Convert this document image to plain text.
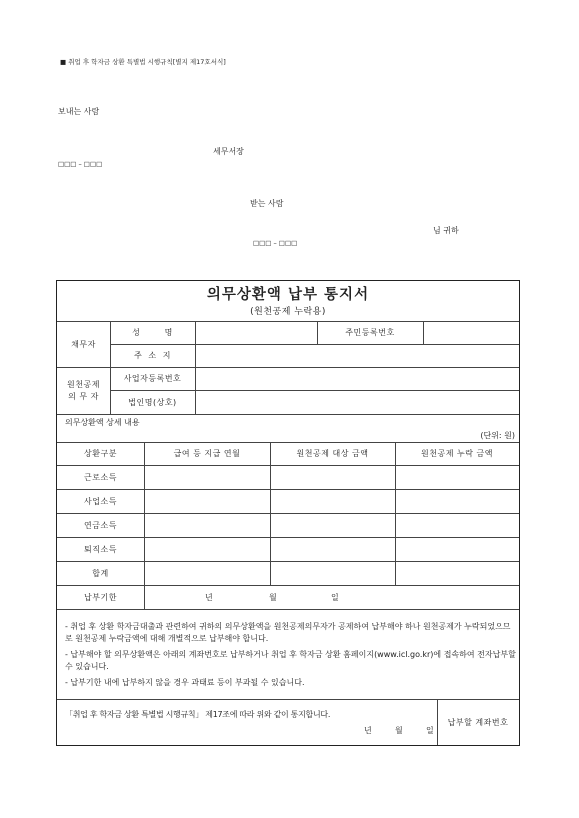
■ 취업 후 학자금 상환 특별법 시행규칙[별지 제17호서식]
보내는 사람
세무서장
□□□ – □□□
받는 사람
님 귀하
□□□ – □□□
의무상환액 납부 통지서
(원천공제 누락용)
채무자
성        명	주민등록번호
주  소  지
원천공제
의 무 자
사업자등록번호
법인명(상호)
의무상환액 상세 내용
(단위: 원)
상환구분	급여 등 지급 연월	원천공제 대상 금액	원천공제 누락 금액
근로소득
사업소득
연금소득
퇴직소득
합계
납부기한	년	월	일
- 취업 후 상환 학자금대출과 관련하여 귀하의 의무상환액을 원천공제의무자가 공제하여 납부해야 하나 원천공제가 누락되었으므로 원천공제 누락금액에 대해 개별적으로 납부해야 합니다.
- 납부해야 할 의무상환액은 아래의 계좌번호로 납부하거나 취업 후 학자금 상환 홈페이지(www.icl.go.kr)에 접속하여 전자납부할 수 있습니다.
- 납부기한 내에 납부하지 않을 경우 과태료 등이 부과될 수 있습니다.
「취업 후 학자금 상환 특별법 시행규칙」 제17조에 따라 위와 같이 통지합니다.
년	월	일
납부할 계좌번호
